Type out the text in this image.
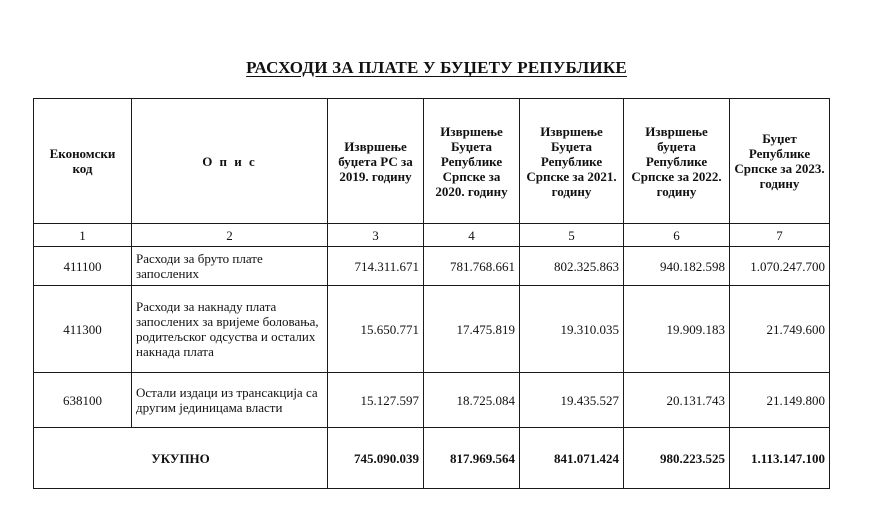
РАСХОДИ ЗА ПЛАТЕ У БУЏЕТУ РЕПУБЛИКЕ
Економски код	О п и с	Извршење буџета РС за 2019. годину	Извршење Буџета Републике Српске за 2020. годину	Извршење Буџета Републике Српске за 2021. годину	Извршење буџета Републике Српске за 2022. годину	Буџет Републике Српске за 2023. годину
1	2	3	4	5	6	7
411100	Расходи за бруто плате запослених	714.311.671	781.768.661	802.325.863	940.182.598	1.070.247.700
411300	Расходи за накнаду плата запослених за вријеме боловања, родитељског одсуства и осталих накнада плата	15.650.771	17.475.819	19.310.035	19.909.183	21.749.600
638100	Остали издаци из трансакција са другим јединицама власти	15.127.597	18.725.084	19.435.527	20.131.743	21.149.800
УКУПНО		745.090.039	817.969.564	841.071.424	980.223.525	1.113.147.100
